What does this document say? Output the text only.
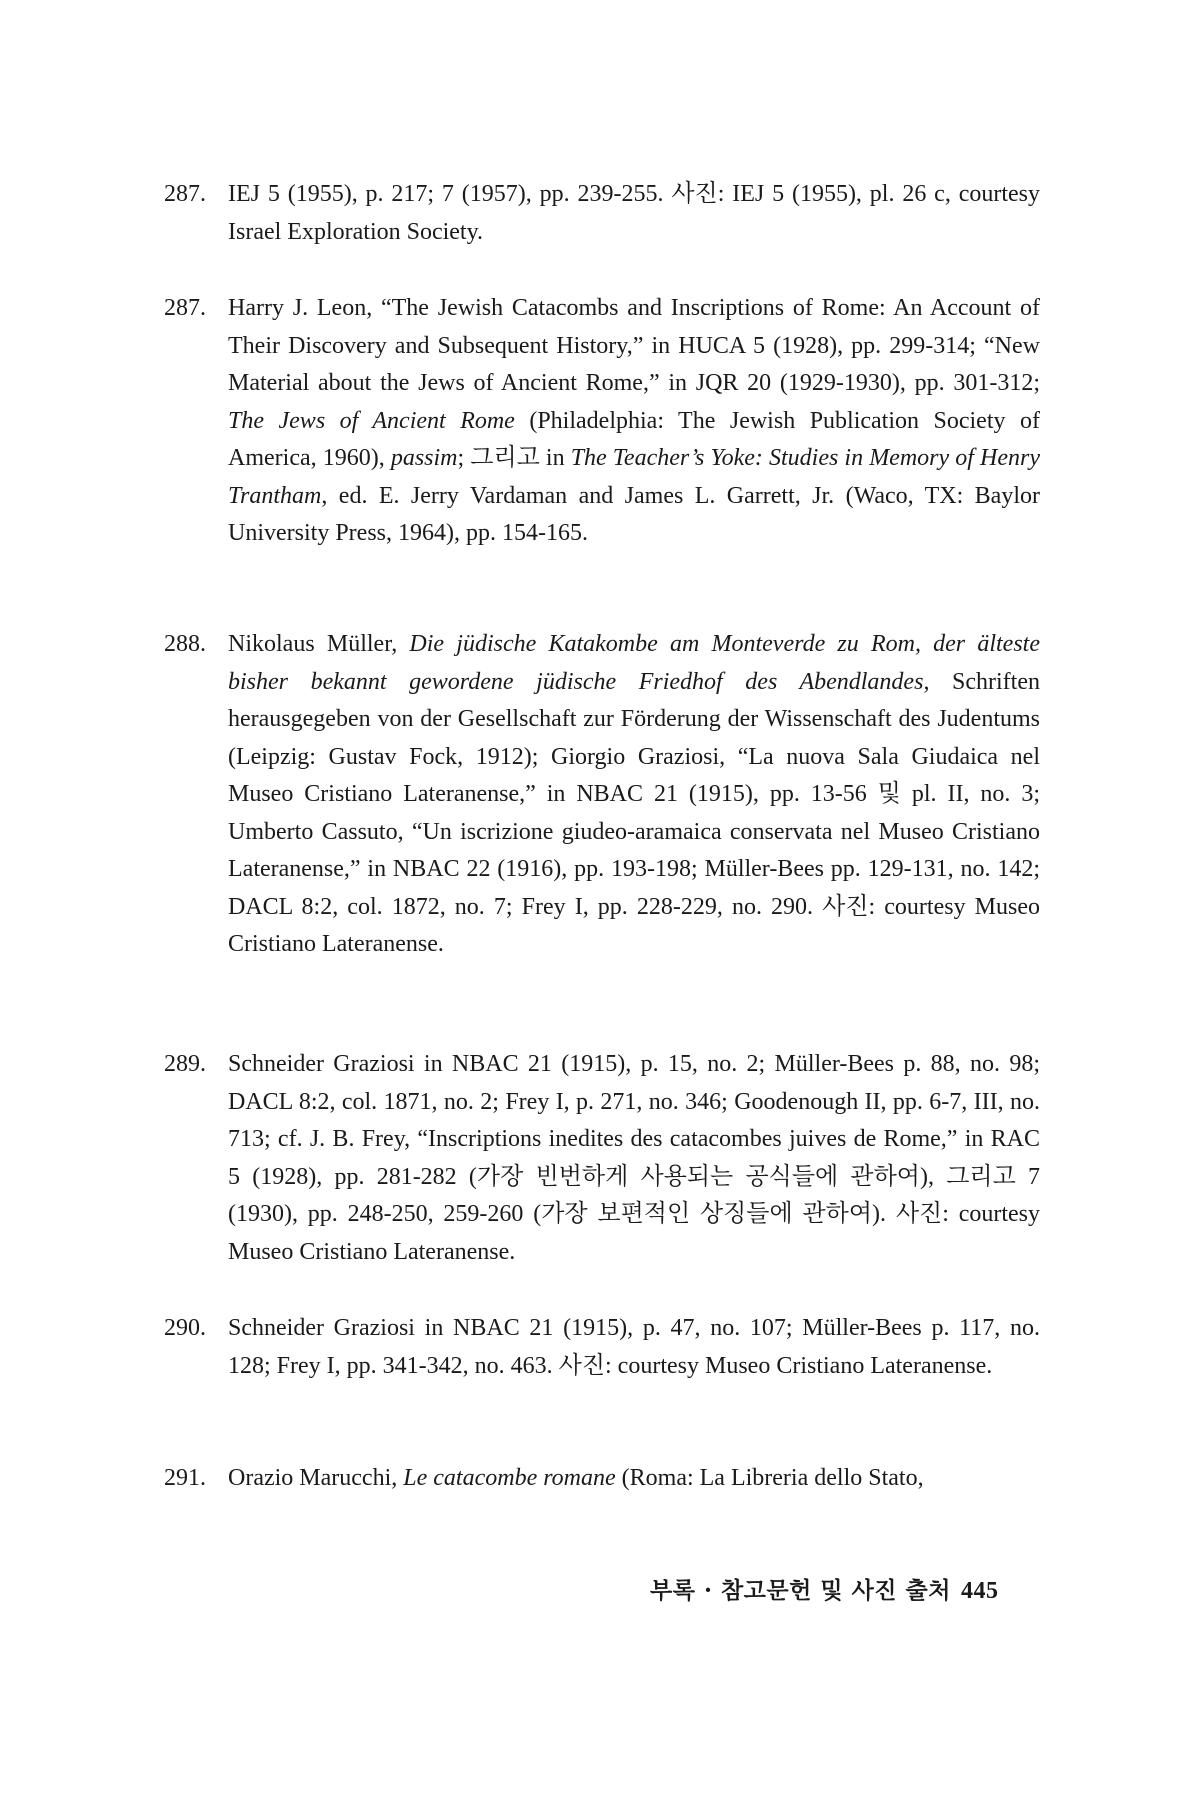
287. IEJ 5 (1955), p. 217; 7 (1957), pp. 239-255. 사진: IEJ 5 (1955), pl. 26 c, courtesy Israel Exploration Society.
287. Harry J. Leon, “The Jewish Catacombs and Inscriptions of Rome: An Account of Their Discovery and Subsequent History,” in HUCA 5 (1928), pp. 299-314; “New Material about the Jews of Ancient Rome,” in JQR 20 (1929-1930), pp. 301-312; The Jews of Ancient Rome (Philadelphia: The Jewish Publication Society of America, 1960), passim; 그리고 in The Teacher’s Yoke: Studies in Memory of Henry Trantham, ed. E. Jerry Vardaman and James L. Garrett, Jr. (Waco, TX: Baylor University Press, 1964), pp. 154-165.
288. Nikolaus Müller, Die jüdische Katakombe am Monteverde zu Rom, der älteste bisher bekannt gewordene jüdische Friedhof des Abendlandes, Schriften herausgegeben von der Gesellschaft zur Förderung der Wissenschaft des Judentums (Leipzig: Gustav Fock, 1912); Giorgio Graziosi, “La nuova Sala Giudaica nel Museo Cristiano Lateranense,” in NBAC 21 (1915), pp. 13-56 및 pl. II, no. 3; Umberto Cassuto, “Un iscrizione giudeo-aramaica conservata nel Museo Cristiano Lateranense,” in NBAC 22 (1916), pp. 193-198; Müller-Bees pp. 129-131, no. 142; DACL 8:2, col. 1872, no. 7; Frey I, pp. 228-229, no. 290. 사진: courtesy Museo Cristiano Lateranense.
289. Schneider Graziosi in NBAC 21 (1915), p. 15, no. 2; Müller-Bees p. 88, no. 98; DACL 8:2, col. 1871, no. 2; Frey I, p. 271, no. 346; Goodenough II, pp. 6-7, III, no. 713; cf. J. B. Frey, “Inscriptions inedites des catacombes juives de Rome,” in RAC 5 (1928), pp. 281-282 (가장 빈번하게 사용되는 공식들에 관하여), 그리고 7 (1930), pp. 248-250, 259-260 (가장 보편적인 상징들에 관하여). 사진: courtesy Museo Cristiano Lateranense.
290. Schneider Graziosi in NBAC 21 (1915), p. 47, no. 107; Müller-Bees p. 117, no. 128; Frey I, pp. 341-342, no. 463. 사진: courtesy Museo Cristiano Lateranense.
291. Orazio Marucchi, Le catacombe romane (Roma: La Libreria dello Stato,
부록 · 참고문헌 및 사진 출처 445
